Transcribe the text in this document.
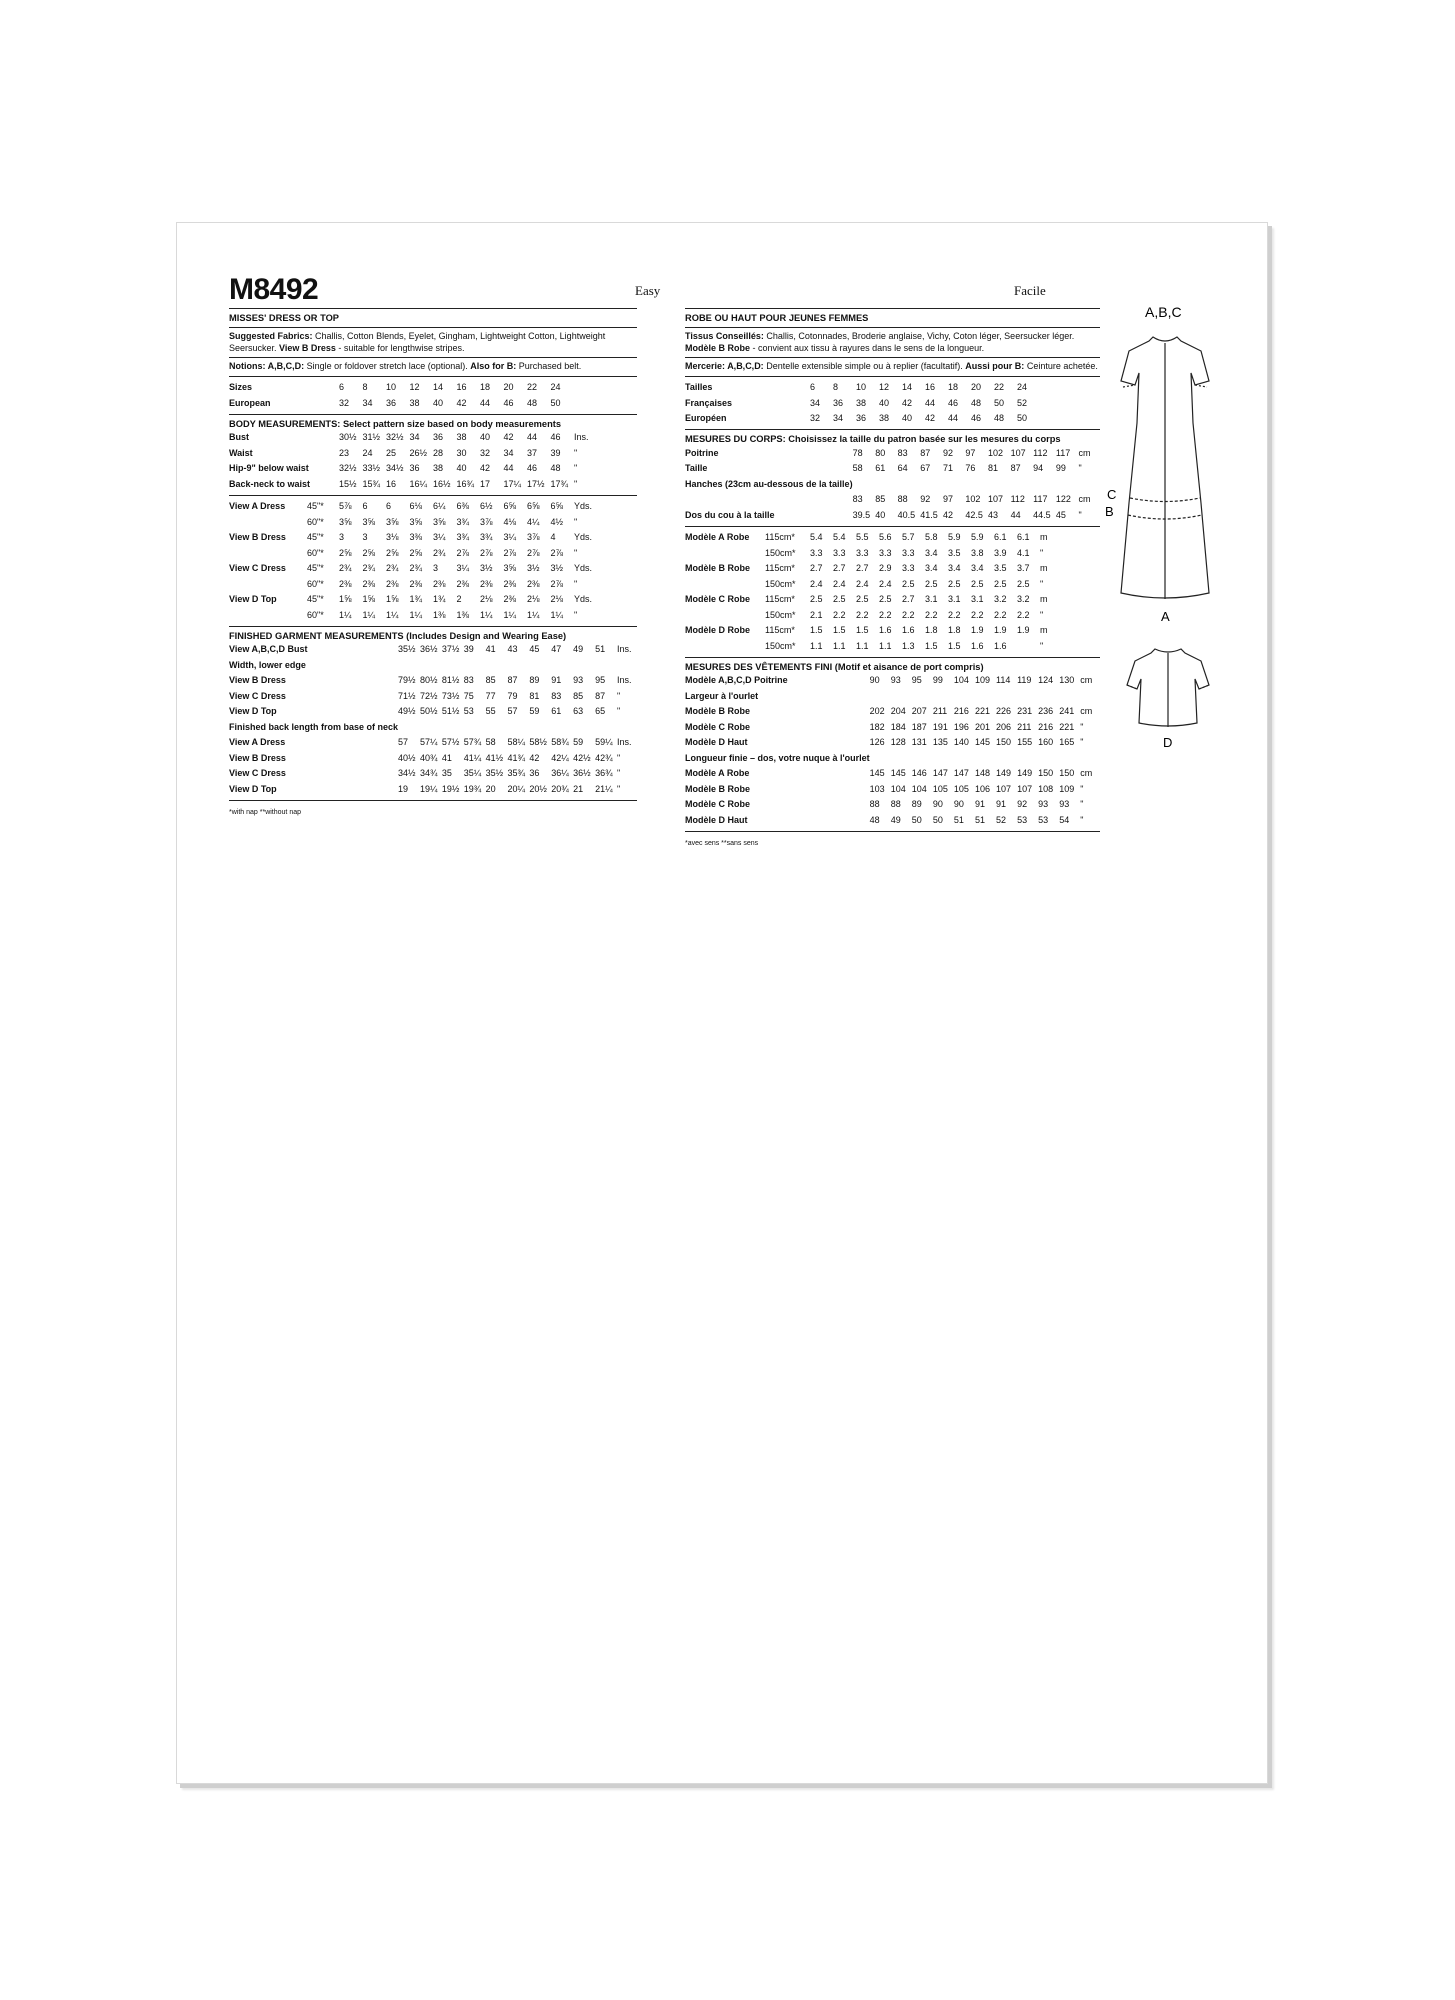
M8492	Easy	Facile
MISSES' DRESS OR TOP
Suggested Fabrics: Challis, Cotton Blends, Eyelet, Gingham, Lightweight Cotton, Lightweight Seersucker. View B Dress - suitable for lengthwise stripes.
Notions: A,B,C,D: Single or foldover stretch lace (optional). Also for B: Purchased belt.
Sizes		6	8	10	12	14	16	18	20	22	24
European		32	34	36	38	40	42	44	46	48	50
BODY MEASUREMENTS: Select pattern size based on body measurements
Bust		30½	31½	32½	34	36	38	40	42	44	46	Ins.
Waist		23	24	25	26½	28	30	32	34	37	39	"
Hip-9" below waist		32½	33½	34½	36	38	40	42	44	46	48	"
Back-neck to waist		15½	15¾	16	16¼	16½	16¾	17	17¼	17½	17¾	"
View A Dress	45"*	5⅞	6	6	6⅛	6¼	6⅜	6½	6⅝	6⅝	6⅝	Yds.
	60"*	3⅝	3⅝	3⅝	3⅝	3⅝	3¾	3⅞	4⅛	4¼	4½	"
View B Dress	45"*	3	3	3⅛	3⅜	3¼	3¾	3¾	3¼	3⅞	4	Yds.
	60"*	2⅝	2⅝	2⅝	2⅝	2¾	2⅞	2⅞	2⅞	2⅞	2⅞	"
View C Dress	45"*	2¾	2¾	2¾	2¾	3	3¼	3½	3⅝	3½	3½	Yds.
	60"*	2⅜	2⅜	2⅜	2⅜	2⅜	2⅜	2⅜	2⅜	2⅜	2⅞	"
View D Top	45"*	1⅝	1⅝	1⅝	1¾	1¾	2	2⅛	2⅜	2⅛	2⅛	Yds.
	60"*	1¼	1¼	1¼	1¼	1⅜	1⅜	1¼	1¼	1¼	1¼	"
FINISHED GARMENT MEASUREMENTS (Includes Design and Wearing Ease)
View A,B,C,D Bust		35½	36½	37½	39	41	43	45	47	49	51	Ins.
Width, lower edge											
View B Dress		79½	80½	81½	83	85	87	89	91	93	95	Ins.
View C Dress		71½	72½	73½	75	77	79	81	83	85	87	"
View D Top		49½	50½	51½	53	55	57	59	61	63	65	"
Finished back length from base of neck											
View A Dress		57	57¼	57½	57¾	58	58¼	58½	58¾	59	59¼	Ins.
View B Dress		40½	40¾	41	41¼	41½	41¾	42	42¼	42½	42¾	"
View C Dress		34½	34¾	35	35¼	35½	35¾	36	36¼	36½	36¾	"
View D Top		19	19¼	19½	19¾	20	20¼	20½	20¾	21	21¼	"
*with nap **without nap
ROBE OU HAUT POUR JEUNES FEMMES
Tissus Conseillés: Challis, Cotonnades, Broderie anglaise, Vichy, Coton léger, Seersucker léger. Modèle B Robe - convient aux tissu à rayures dans le sens de la longueur.
Mercerie: A,B,C,D: Dentelle extensible simple ou à replier (facultatif). Aussi pour B: Ceinture achetée.
Tailles		6	8	10	12	14	16	18	20	22	24
Françaises		34	36	38	40	42	44	46	48	50	52
Européen		32	34	36	38	40	42	44	46	48	50
MESURES DU CORPS: Choisissez la taille du patron basée sur les mesures du corps
Poitrine		78	80	83	87	92	97	102	107	112	117	cm
Taille		58	61	64	67	71	76	81	87	94	99	"
Hanches (23cm au-dessous de la taille)											
		83	85	88	92	97	102	107	112	117	122	cm
Dos du cou à la taille		39.5	40	40.5	41.5	42	42.5	43	44	44.5	45	"
Modèle A Robe	115cm*	5.4	5.4	5.5	5.6	5.7	5.8	5.9	5.9	6.1	6.1	m
	150cm*	3.3	3.3	3.3	3.3	3.3	3.4	3.5	3.8	3.9	4.1	"
Modèle B Robe	115cm*	2.7	2.7	2.7	2.9	3.3	3.4	3.4	3.4	3.5	3.7	m
	150cm*	2.4	2.4	2.4	2.4	2.5	2.5	2.5	2.5	2.5	2.5	"
Modèle C Robe	115cm*	2.5	2.5	2.5	2.5	2.7	3.1	3.1	3.1	3.2	3.2	m
	150cm*	2.1	2.2	2.2	2.2	2.2	2.2	2.2	2.2	2.2	2.2	"
Modèle D Robe	115cm*	1.5	1.5	1.5	1.6	1.6	1.8	1.8	1.9	1.9	1.9	m
	150cm*	1.1	1.1	1.1	1.1	1.3	1.5	1.5	1.6	1.6		"
MESURES DES VÊTEMENTS FINI (Motif et aisance de port compris)
Modèle A,B,C,D Poitrine		90	93	95	99	104	109	114	119	124	130	cm
Largeur à l'ourlet											
Modèle B Robe		202	204	207	211	216	221	226	231	236	241	cm
Modèle C Robe		182	184	187	191	196	201	206	211	216	221	"
Modèle D Haut		126	128	131	135	140	145	150	155	160	165	"
Longueur finie – dos, votre nuque à l'ourlet											
Modèle A Robe		145	145	146	147	147	148	149	149	150	150	cm
Modèle B Robe		103	104	104	105	105	106	107	107	108	109	"
Modèle C Robe		88	88	89	90	90	91	91	92	93	93	"
Modèle D Haut		48	49	50	50	51	51	52	53	53	54	"
*avec sens **sans sens
A,B,C
C
B
A
D
